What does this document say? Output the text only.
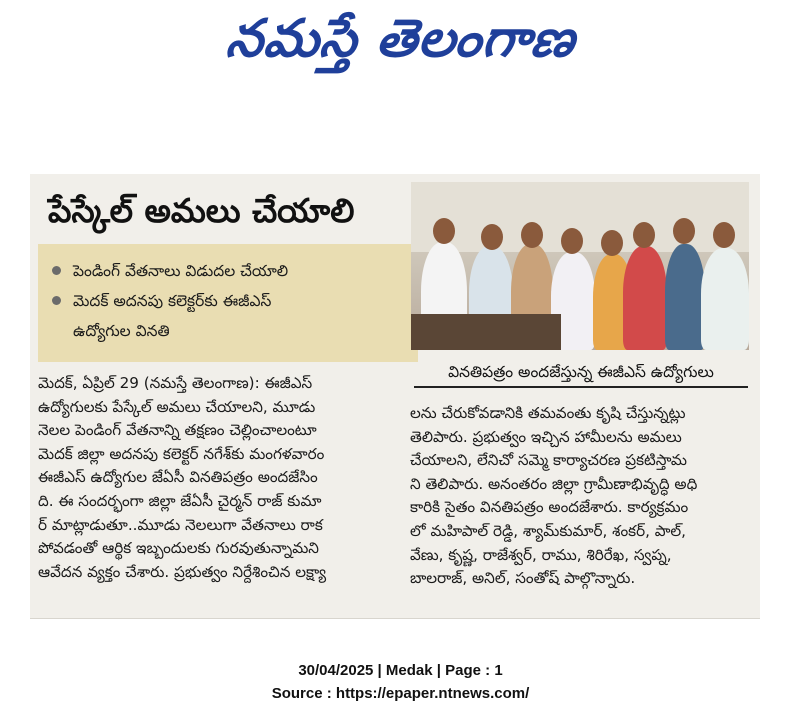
నమస్తే తెలంగాణ
పేస్కేల్ అమలు చేయాలి
పెండింగ్ వేతనాలు విడుదల చేయాలి
మెదక్ అదనపు కలెక్టర్‌కు ఈజీఎస్
ఉద్యోగుల వినతి
వినతిపత్రం అందజేస్తున్న ఈజీఎస్ ఉద్యోగులు
మెదక్, ఏప్రిల్ 29 (నమస్తే తెలంగాణ): ఈజీఎస్
ఉద్యోగులకు పేస్కేల్ అమలు చేయాలని, మూడు
నెలల పెండింగ్ వేతనాన్ని తక్షణం చెల్లించాలంటూ
మెదక్ జిల్లా అదనపు కలెక్టర్ నగేశ్‌కు మంగళవారం
ఈజీఎస్ ఉద్యోగుల జేఏసీ వినతిపత్రం అందజేసిం
ది. ఈ సందర్భంగా జిల్లా జేఏసీ చైర్మన్ రాజ్ కుమా
ర్ మాట్లాడుతూ..మూడు నెలలుగా వేతనాలు రాక
పోవడంతో ఆర్థిక ఇబ్బందులకు గురవుతున్నామని
ఆవేదన వ్యక్తం చేశారు. ప్రభుత్వం నిర్దేశించిన లక్ష్యా
లను చేరుకోవడానికి తమవంతు కృషి చేస్తున్నట్లు
తెలిపారు. ప్రభుత్వం ఇచ్చిన హామీలను అమలు
చేయాలని, లేనిచో సమ్మె కార్యాచరణ ప్రకటిస్తామ
ని తెలిపారు. అనంతరం జిల్లా గ్రామీణాభివృద్ధి అధి
కారికి సైతం వినతిపత్రం అందజేశారు. కార్యక్రమం
లో మహిపాల్ రెడ్డి, శ్యామ్‌కుమార్, శంకర్, పాల్,
వేణు, కృష్ణ, రాజేశ్వర్, రాము, శిరిరేఖ, స్వప్న,
బాలరాజ్, అనిల్, సంతోష్ పాల్గొన్నారు.
30/04/2025 | Medak | Page : 1
Source : https://epaper.ntnews.com/
